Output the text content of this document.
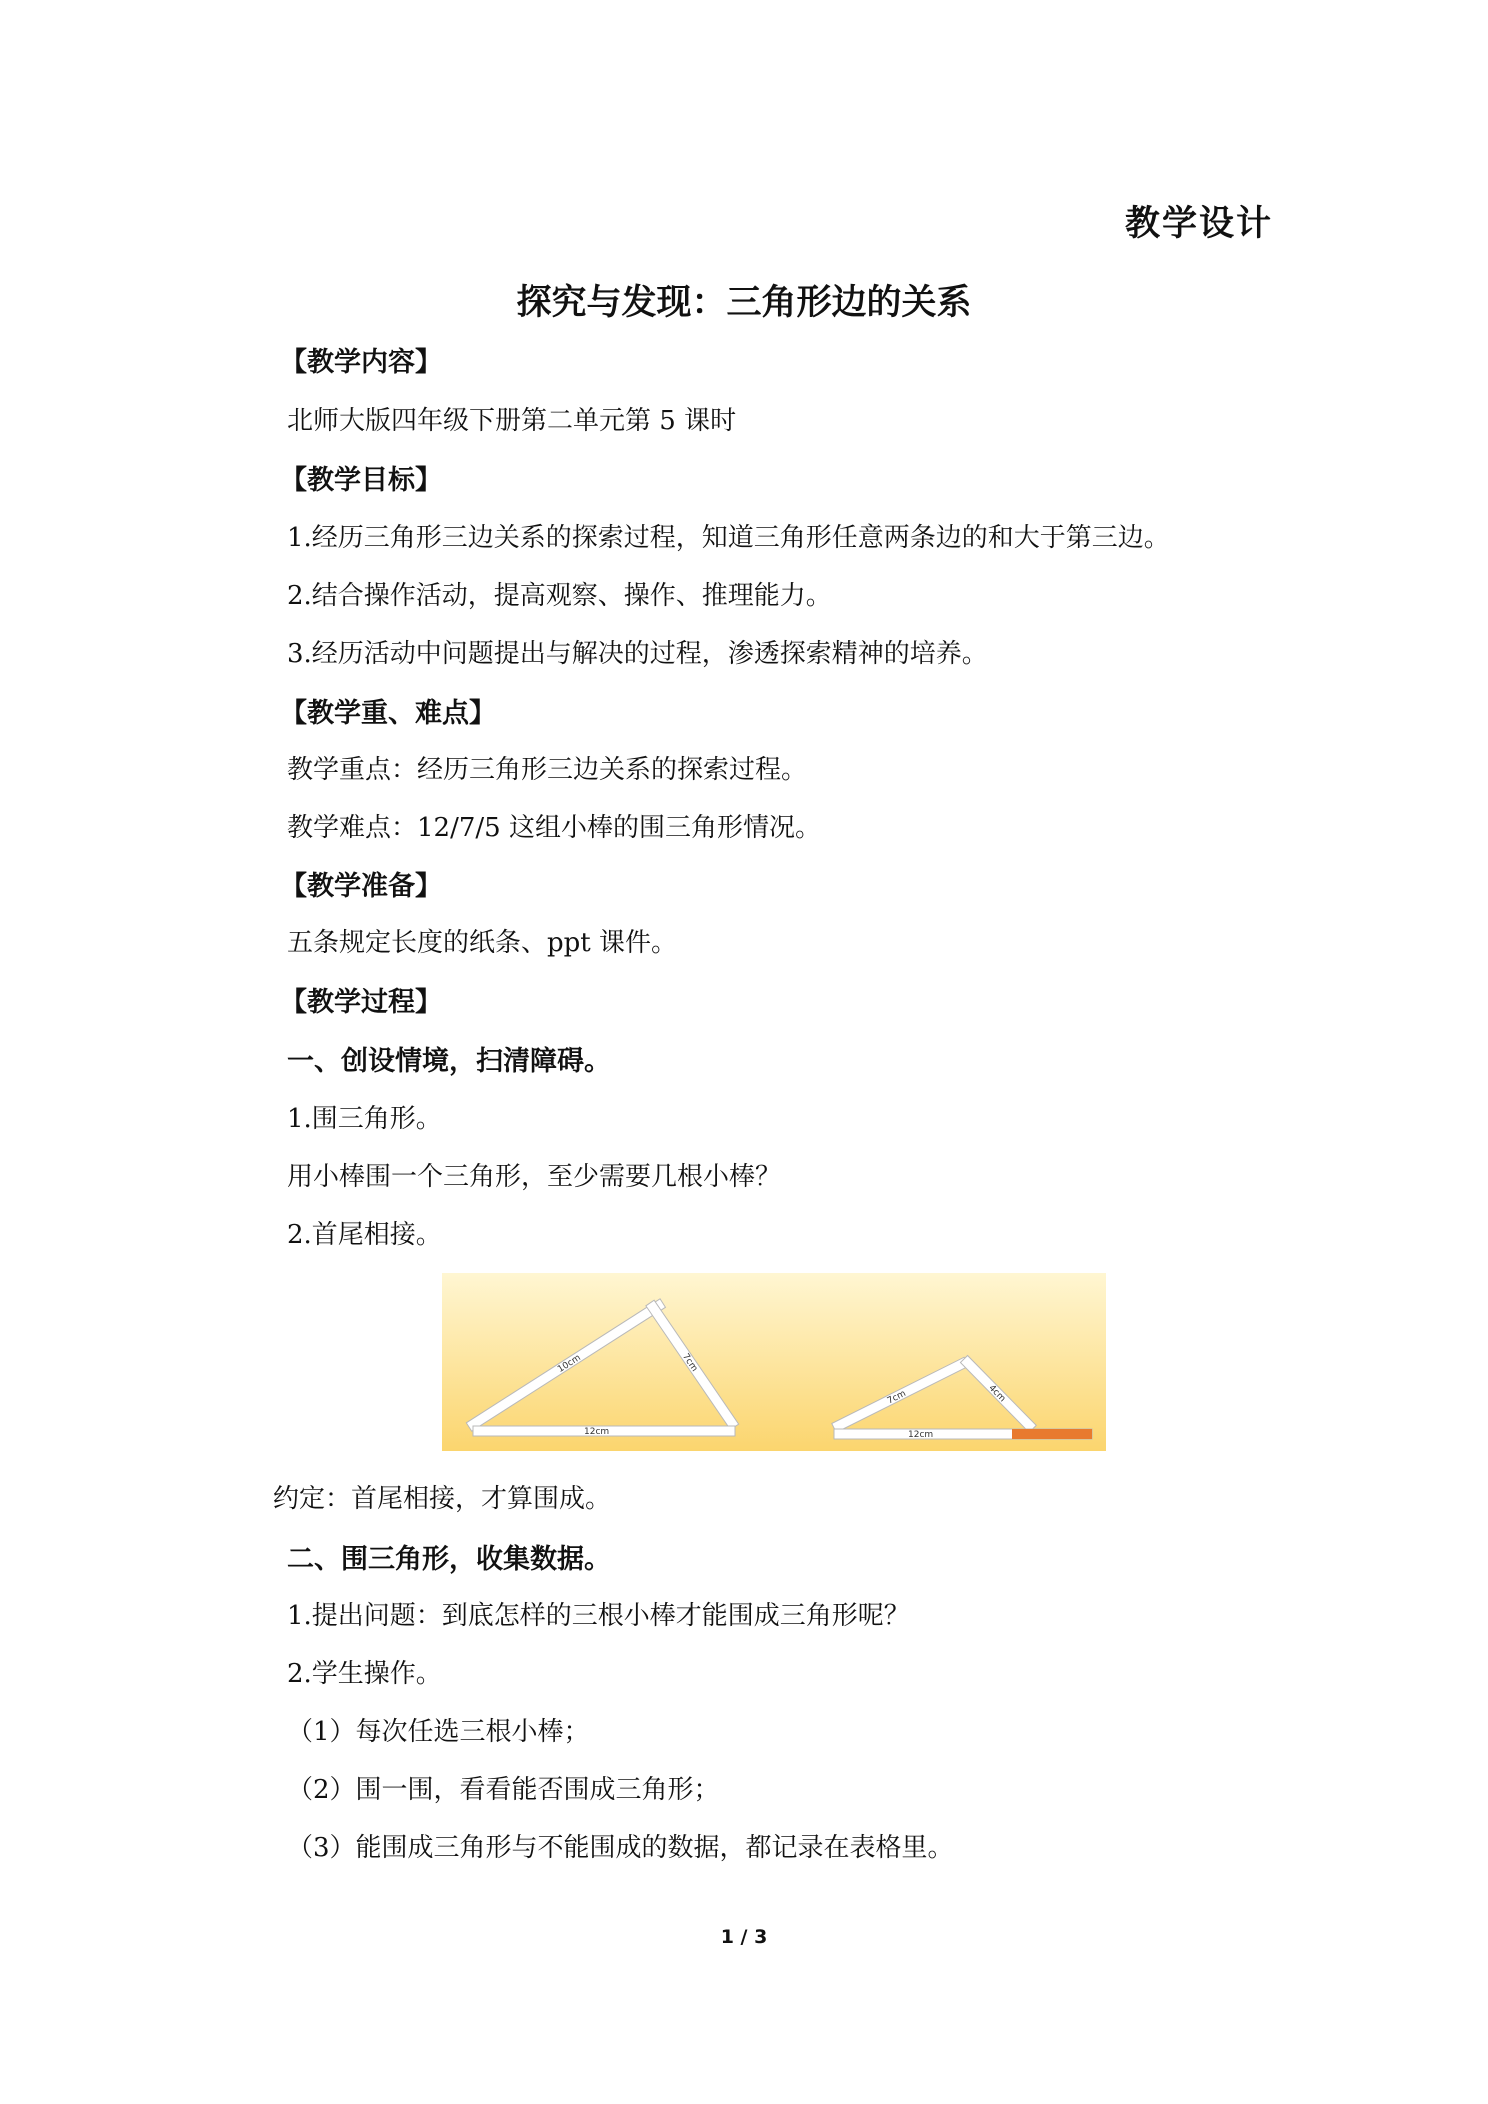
教学设计
探究与发现：三角形边的关系
【教学内容】
北师大版四年级下册第二单元第 5 课时
【教学目标】
1.经历三角形三边关系的探索过程，知道三角形任意两条边的和大于第三边。
2.结合操作活动，提高观察、操作、推理能力。
3.经历活动中问题提出与解决的过程，渗透探索精神的培养。
【教学重、难点】
教学重点：经历三角形三边关系的探索过程。
教学难点：12/7/5 这组小棒的围三角形情况。
【教学准备】
五条规定长度的纸条、ppt 课件。
【教学过程】
一、创设情境，扫清障碍。
1.围三角形。
用小棒围一个三角形，至少需要几根小棒？
2.首尾相接。
10cm	7cm
12cm
7cm	4cm
12cm
约定：首尾相接，才算围成。
二、围三角形，收集数据。
1.提出问题：到底怎样的三根小棒才能围成三角形呢？
2.学生操作。
（1）每次任选三根小棒；
（2）围一围，看看能否围成三角形；
（3）能围成三角形与不能围成的数据，都记录在表格里。
1 / 3
